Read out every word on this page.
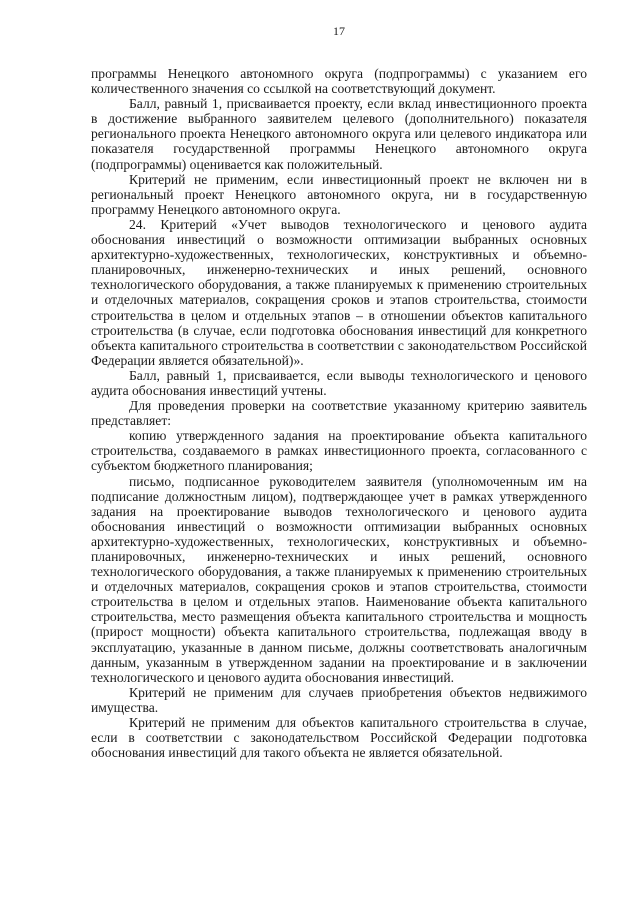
17

программы Ненецкого автономного округа (подпрограммы) с указанием его количественного значения со ссылкой на соответствующий документ.

Балл, равный 1, присваивается проекту, если вклад инвестиционного проекта в достижение выбранного заявителем целевого (дополнительного) показателя регионального проекта Ненецкого автономного округа или целевого индикатора или показателя государственной программы Ненецкого автономного округа (подпрограммы) оценивается как положительный.

Критерий не применим, если инвестиционный проект не включен ни в региональный проект Ненецкого автономного округа, ни в государственную программу Ненецкого автономного округа.

24. Критерий «Учет выводов технологического и ценового аудита обоснования инвестиций о возможности оптимизации выбранных основных архитектурно-художественных, технологических, конструктивных и объемно-планировочных, инженерно-технических и иных решений, основного технологического оборудования, а также планируемых к применению строительных и отделочных материалов, сокращения сроков и этапов строительства, стоимости строительства в целом и отдельных этапов – в отношении объектов капитального строительства (в случае, если подготовка обоснования инвестиций для конкретного объекта капитального строительства в соответствии с законодательством Российской Федерации является обязательной)».

Балл, равный 1, присваивается, если выводы технологического и ценового аудита обоснования инвестиций учтены.

Для проведения проверки на соответствие указанному критерию заявитель представляет:

копию утвержденного задания на проектирование объекта капитального строительства, создаваемого в рамках инвестиционного проекта, согласованного с субъектом бюджетного планирования;

письмо, подписанное руководителем заявителя (уполномоченным им на подписание должностным лицом), подтверждающее учет в рамках утвержденного задания на проектирование выводов технологического и ценового аудита обоснования инвестиций о возможности оптимизации выбранных основных архитектурно-художественных, технологических, конструктивных и объемно-планировочных, инженерно-технических и иных решений, основного технологического оборудования, а также планируемых к применению строительных и отделочных материалов, сокращения сроков и этапов строительства, стоимости строительства в целом и отдельных этапов. Наименование объекта капитального строительства, место размещения объекта капитального строительства и мощность (прирост мощности) объекта капитального строительства, подлежащая вводу в эксплуатацию, указанные в данном письме, должны соответствовать аналогичным данным, указанным в утвержденном задании на проектирование и в заключении технологического и ценового аудита обоснования инвестиций.

Критерий не применим для случаев приобретения объектов недвижимого имущества.

Критерий не применим для объектов капитального строительства в случае, если в соответствии с законодательством Российской Федерации подготовка обоснования инвестиций для такого объекта не является обязательной.
